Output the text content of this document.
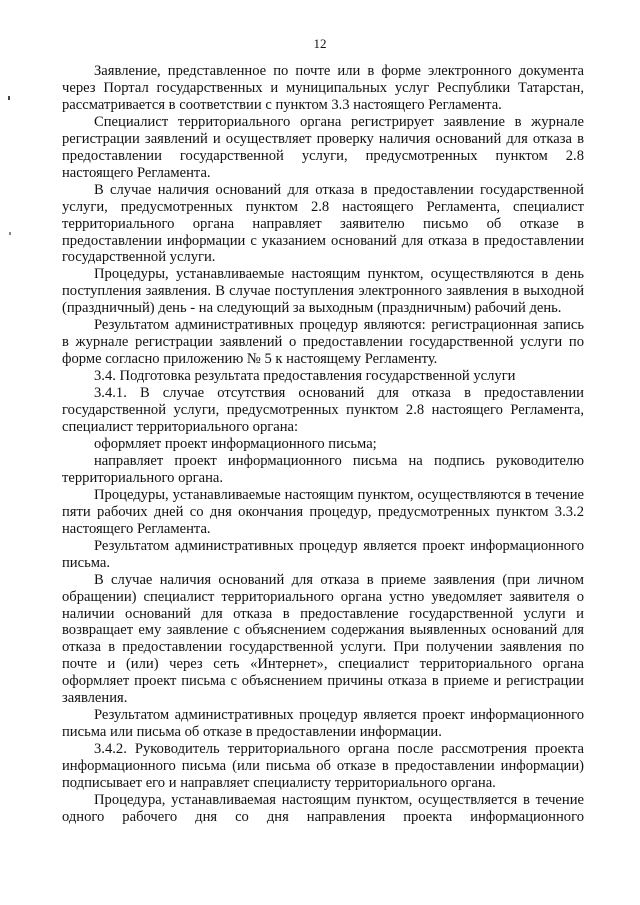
12

Заявление, представленное по почте или в форме электронного документа через Портал государственных и муниципальных услуг Республики Татарстан, рассматривается в соответствии с пунктом 3.3 настоящего Регламента.

Специалист территориального органа регистрирует заявление в журнале регистрации заявлений и осуществляет проверку наличия оснований для отказа в предоставлении государственной услуги, предусмотренных пунктом 2.8 настоящего Регламента.

В случае наличия оснований для отказа в предоставлении государственной услуги, предусмотренных пунктом 2.8 настоящего Регламента, специалист территориального органа направляет заявителю письмо об отказе в предоставлении информации с указанием оснований для отказа в предоставлении государственной услуги.

Процедуры, устанавливаемые настоящим пунктом, осуществляются в день поступления заявления. В случае поступления электронного заявления в выходной (праздничный) день - на следующий за выходным (праздничным) рабочий день.

Результатом административных процедур являются: регистрационная запись в журнале регистрации заявлений о предоставлении государственной услуги по форме согласно приложению № 5 к настоящему Регламенту.

3.4. Подготовка результата предоставления государственной услуги

3.4.1. В случае отсутствия оснований для отказа в предоставлении государственной услуги, предусмотренных пунктом 2.8 настоящего Регламента, специалист территориального органа:

оформляет проект информационного письма;

направляет проект информационного письма на подпись руководителю территориального органа.

Процедуры, устанавливаемые настоящим пунктом, осуществляются в течение пяти рабочих дней со дня окончания процедур, предусмотренных пунктом 3.3.2 настоящего Регламента.

Результатом административных процедур является проект информационного письма.

В случае наличия оснований для отказа в приеме заявления (при личном обращении) специалист территориального органа устно уведомляет заявителя о наличии оснований для отказа в предоставление государственной услуги и возвращает ему заявление с объяснением содержания выявленных оснований для отказа в предоставлении государственной услуги. При получении заявления по почте и (или) через сеть «Интернет», специалист территориального органа оформляет проект письма с объяснением причины отказа в приеме и регистрации заявления.

Результатом административных процедур является проект информационного письма или письма об отказе в предоставлении информации.

3.4.2. Руководитель территориального органа после рассмотрения проекта информационного письма (или письма об отказе в предоставлении информации) подписывает его и направляет специалисту территориального органа.

Процедура, устанавливаемая настоящим пунктом, осуществляется в течение одного рабочего дня со дня направления проекта информационного
